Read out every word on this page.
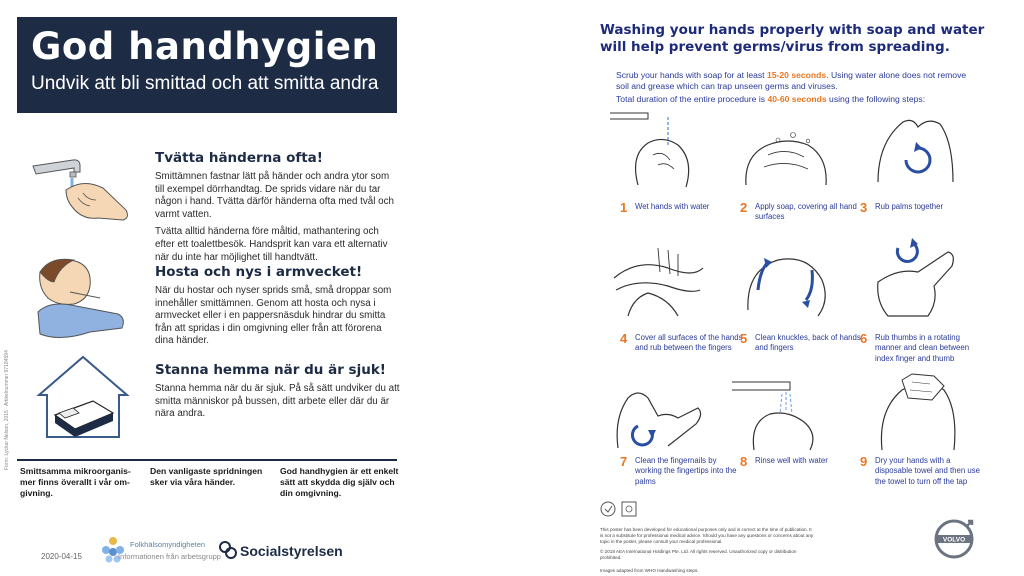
God handhygien
Undvik att bli smittad och att smitta andra
Tvätta händerna ofta!

Smittämnen fastnar lätt på händer och andra ytor som till exempel dörrhandtag. De sprids vidare när du tar någon i hand. Tvätta därför händerna ofta med tvål och varmt vatten.

Tvätta alltid händerna före måltid, mathantering och efter ett toalettbesök. Handsprit kan vara ett alternativ när du inte har möjlighet till handtvätt.

Hosta och nys i armvecket!

När du hostar och nyser sprids små, små droppar som innehåller smittämnen. Genom att hosta och nysa i armvecket eller i en pappersnäsduk hindrar du smitta från att spridas i din omgivning eller från att förorena dina händer.

Stanna hemma när du är sjuk!

Stanna hemma när du är sjuk. På så sätt undviker du att smitta människor på bussen, ditt arbete eller där du är nära andra.

Smittsamma mikroorganis-
mer finns överallt i vår om-
givning.
Den vanligaste spridningen
sker via våra händer.
God handhygien är ett enkelt
sätt att skydda dig själv och
din omgivning.
Form: Lyckar Nelson, 2015 · Artikelnummer 97184594
Folkhälsomyndigheten
2020-04-15	Informationen från arbetsgrupp Socialstyrelsen
Washing your hands properly with soap and water will help prevent germs/virus from spreading.
Scrub your hands with soap for at least 15-20 seconds. Using water alone does not remove soil and grease which can trap unseen germs and viruses.
Total duration of the entire procedure is 40-60 seconds using the following steps:
1 Wet hands with water	2 Apply soap, covering all hand surfaces
3 Rub palms together
4 Cover all surfaces of the hands and rub between the fingers
5 Clean knuckles, back of hands and fingers
6 Rub thumbs in a rotating manner and clean between index finger and thumb
7 Clean the fingernails by working the fingertips into the palms
8 Rinse well with water	9 Dry your hands with a disposable towel and then use the towel to turn off the tap
This poster has been developed for educational purposes only and is correct at the time of publication. It is not a substitute for professional medical advice. Should you have any questions or concerns about any topic in the poster, please consult your medical professional.
© 2018 AEA International Holdings Pte. Ltd. All rights reserved. Unauthorized copy or distribution prohibited.
Images adapted from WHO Handwashing steps.
VOLVO
